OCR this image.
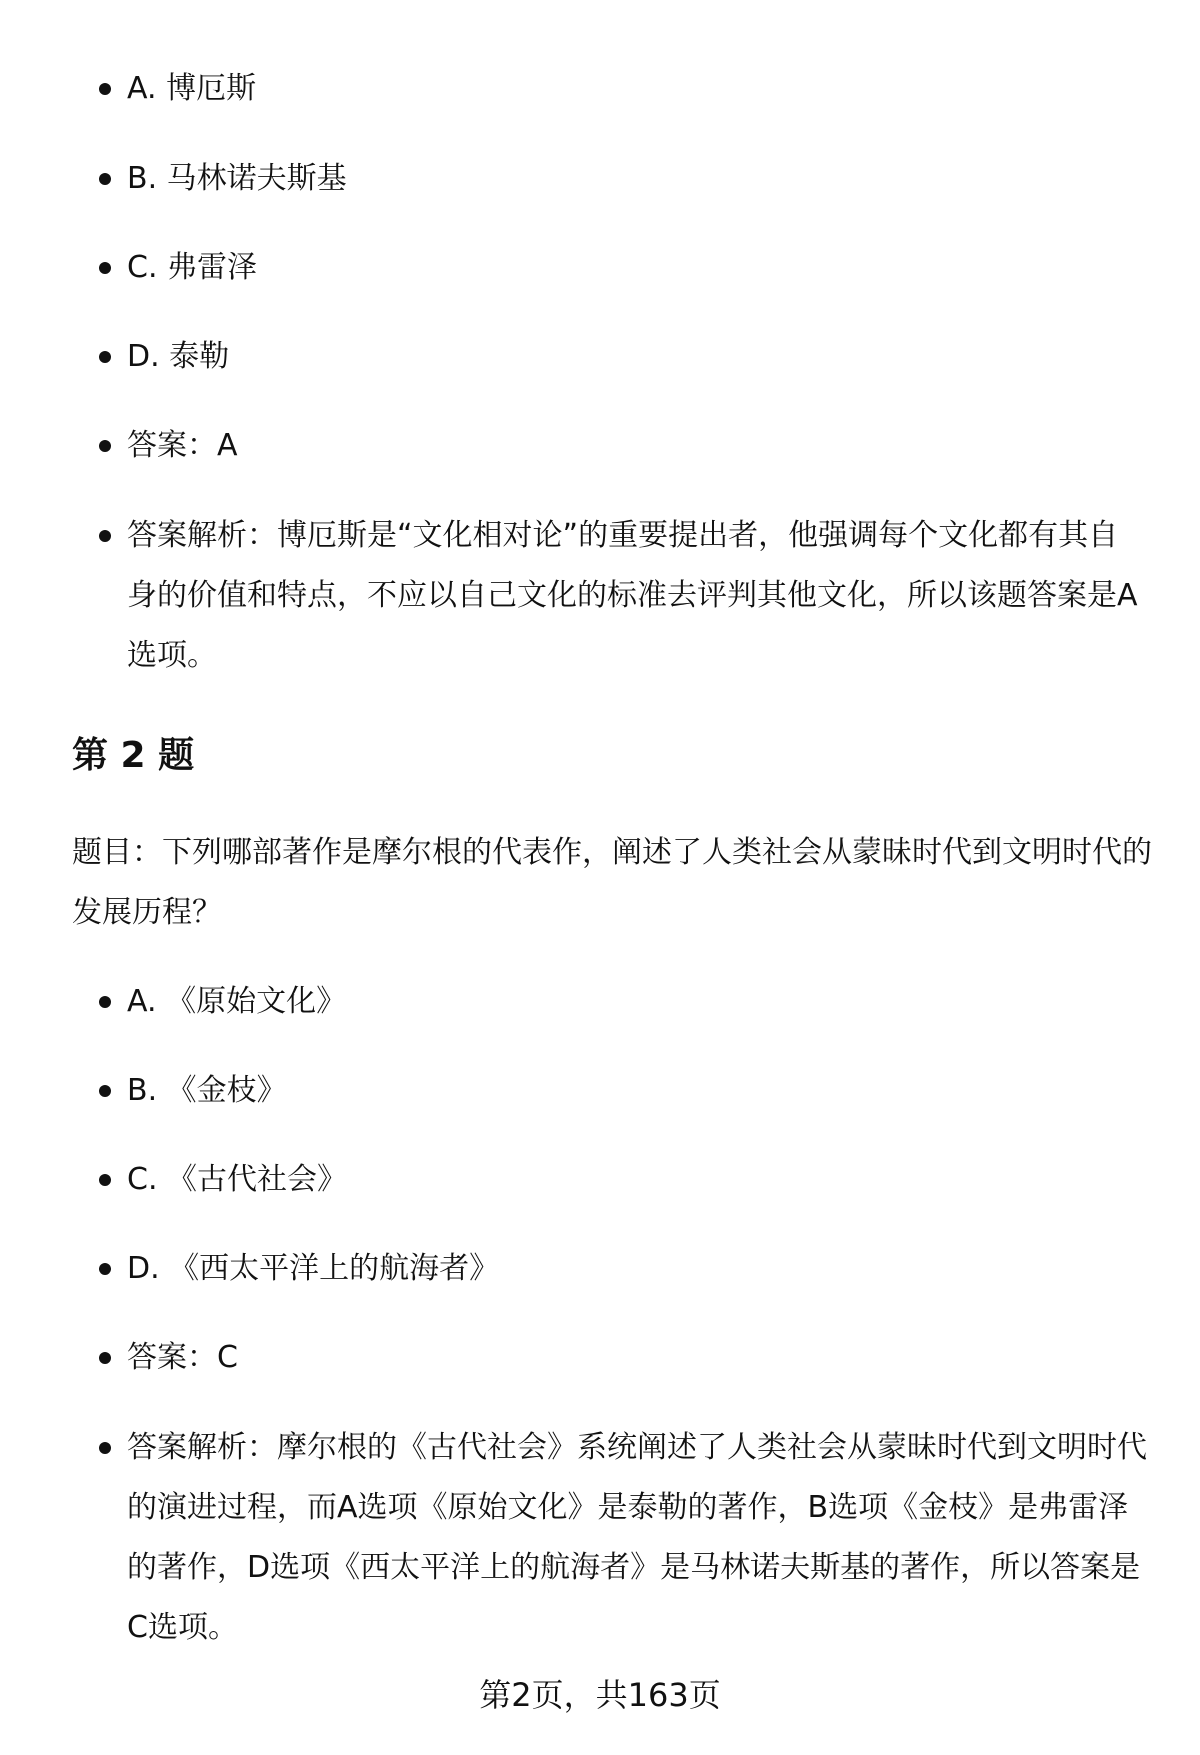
A. 博厄斯
B. 马林诺夫斯基
C. 弗雷泽
D. 泰勒
答案：A
答案解析：博厄斯是“文化相对论”的重要提出者，他强调每个文化都有其自身的价值和特点，不应以自己文化的标准去评判其他文化，所以该题答案是A选项。
第 2 题

题目：下列哪部著作是摩尔根的代表作，阐述了人类社会从蒙昧时代到文明时代的发展历程？

A. 《原始文化》
B. 《金枝》
C. 《古代社会》
D. 《西太平洋上的航海者》
答案：C
答案解析：摩尔根的《古代社会》系统阐述了人类社会从蒙昧时代到文明时代的演进过程，而A选项《原始文化》是泰勒的著作，B选项《金枝》是弗雷泽的著作，D选项《西太平洋上的航海者》是马林诺夫斯基的著作，所以答案是C选项。
第2页，共163页
